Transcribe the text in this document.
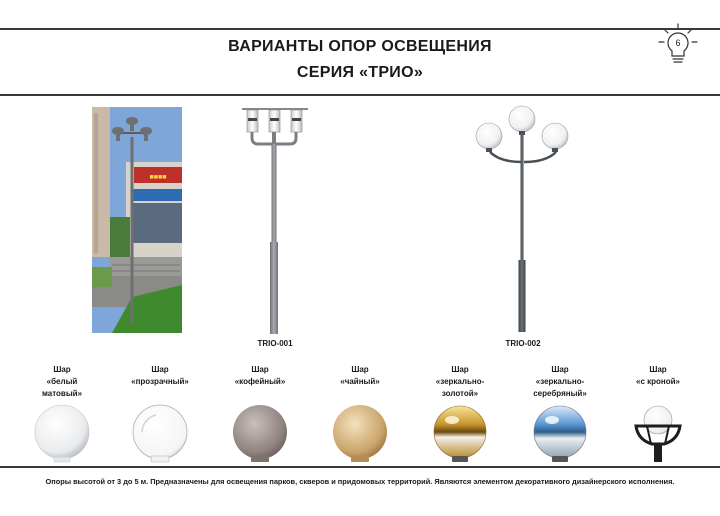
ВАРИАНТЫ ОПОР ОСВЕЩЕНИЯ
СЕРИЯ «ТРИО»
6
■■■■
TRIO-001	TRIO-002
Шар
«белый
матовый»
Шар
«прозрачный»

Шар
«кофейный»

Шар
«чайный»

Шар
«зеркально-
золотой»
Шар
«зеркально-
серебряный»
Шар
«с кроной»

Опоры высотой от 3 до 5 м. Предназначены для освещения парков, скверов и придомовых территорий. Являются элементом декоративного дизайнерского исполнения.
